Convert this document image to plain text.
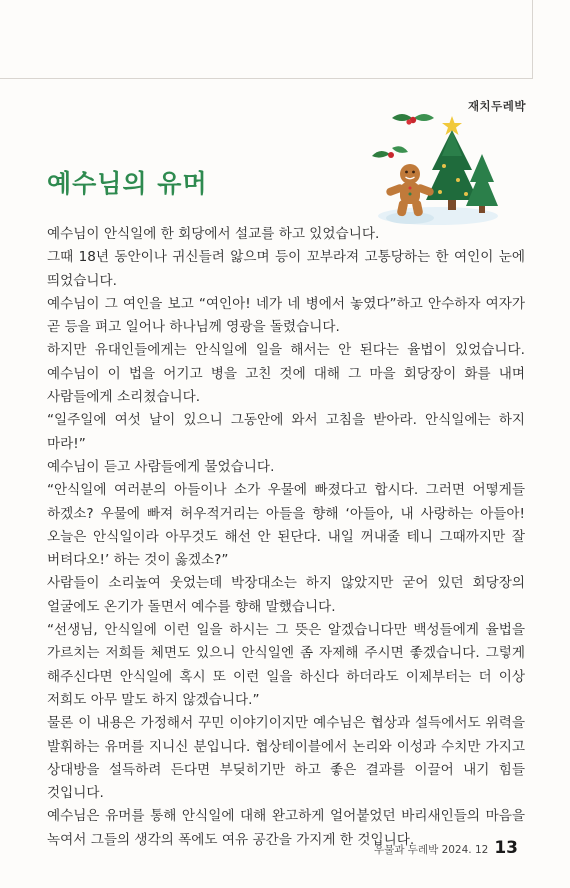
재치두레박
예수님의 유머

예수님이 안식일에 한 회당에서 설교를 하고 있었습니다.

그때 18년 동안이나 귀신들려 앓으며 등이 꼬부라져 고통당하는 한 여인이 눈에 띄었습니다.

예수님이 그 여인을 보고 “여인아! 네가 네 병에서 놓였다”하고 안수하자 여자가 곧 등을 펴고 일어나 하나님께 영광을 돌렸습니다.

하지만 유대인들에게는 안식일에 일을 해서는 안 된다는 율법이 있었습니다. 예수님이 이 법을 어기고 병을 고친 것에 대해 그 마을 회당장이 화를 내며 사람들에게 소리쳤습니다.

“일주일에 여섯 날이 있으니 그동안에 와서 고침을 받아라. 안식일에는 하지 마라!”

예수님이 듣고 사람들에게 물었습니다.

“안식일에 여러분의 아들이나 소가 우물에 빠졌다고 합시다. 그러면 어떻게들 하겠소? 우물에 빠져 허우적거리는 아들을 향해 ‘아들아, 내 사랑하는 아들아! 오늘은 안식일이라 아무것도 해선 안 된단다. 내일 꺼내줄 테니 그때까지만 잘 버텨다오!’ 하는 것이 옳겠소?”

사람들이 소리높여 웃었는데 박장대소는 하지 않았지만 굳어 있던 회당장의 얼굴에도 온기가 돌면서 예수를 향해 말했습니다.

“선생님, 안식일에 이런 일을 하시는 그 뜻은 알겠습니다만 백성들에게 율법을 가르치는 저희들 체면도 있으니 안식일엔 좀 자제해 주시면 좋겠습니다. 그렇게 해주신다면 안식일에 혹시 또 이런 일을 하신다 하더라도 이제부터는 더 이상 저희도 아무 말도 하지 않겠습니다.”

물론 이 내용은 가정해서 꾸민 이야기이지만 예수님은 협상과 설득에서도 위력을 발휘하는 유머를 지니신 분입니다. 협상테이블에서 논리와 이성과 수치만 가지고 상대방을 설득하려 든다면 부딪히기만 하고 좋은 결과를 이끌어 내기 힘들 것입니다.

예수님은 유머를 통해 안식일에 대해 완고하게 얼어붙었던 바리새인들의 마음을 녹여서 그들의 생각의 폭에도 여유 공간을 가지게 한 것입니다.

우물과 두레박 2024. 12 13
